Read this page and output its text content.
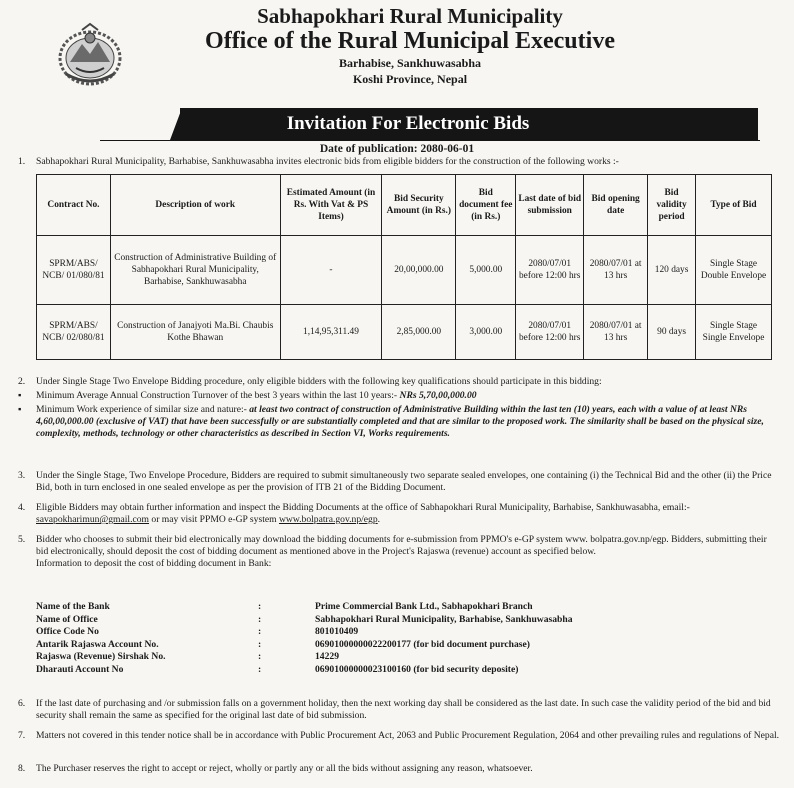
Sabhapokhari Rural Municipality
Office of the Rural Municipal Executive
Barhabise, Sankhuwasabha
Koshi Province, Nepal
Invitation For Electronic Bids
Date of publication: 2080-06-01
1.	Sabhapokhari Rural Municipality, Barhabise, Sankhuwasabha invites electronic bids from eligible bidders for the construction of the following works :-
Contract No.	Description of work	Estimated Amount (in Rs. With Vat & PS Items)	Bid Security Amount (in Rs.)	Bid document fee (in Rs.)	Last date of bid submission	Bid opening date	Bid validity period	Type of Bid
SPRM/ABS/ NCB/ 01/080/81	Construction of Administrative Building of Sabhapokhari Rural Municipality, Barhabise, Sankhuwasabha	-	20,00,000.00	5,000.00	2080/07/01 before 12:00 hrs	2080/07/01 at 13 hrs	120 days	Single Stage Double Envelope
SPRM/ABS/ NCB/ 02/080/81	Construction of Janajyoti Ma.Bi. Chaubis Kothe Bhawan	1,14,95,311.49	2,85,000.00	3,000.00	2080/07/01 before 12:00 hrs	2080/07/01 at 13 hrs	90 days	Single Stage Single Envelope
2.	Under Single Stage Two Envelope Bidding procedure, only eligible bidders with the following key qualifications should participate in this bidding:
▪ Minimum Average Annual Construction Turnover of the best 3 years within the last 10 years:- NRs 5,70,00,000.00
▪ Minimum Work experience of similar size and nature:- at least two contract of construction of Administrative Building within the last ten (10) years, each with a value of at least NRs 4,60,00,000.00 (exclusive of VAT) that have been successfully or are substantially completed and that are similar to the proposed work. The similarity shall be based on the physical size, complexity, methods, technology or other characteristics as described in Section VI, Works requirements.
3.	Under the Single Stage, Two Envelope Procedure, Bidders are required to submit simultaneously two separate sealed envelopes, one containing (i) the Technical Bid and the other (ii) the Price Bid, both in turn enclosed in one sealed envelope as per the provision of ITB 21 of the Bidding Document.
4.	Eligible Bidders may obtain further information and inspect the Bidding Documents at the office of Sabhapokhari Rural Municipality, Barhabise, Sankhuwasabha, email:- savapokharimun@gmail.com or may visit PPMO e-GP system www.bolpatra.gov.np/egp.
5.	Bidder who chooses to submit their bid electronically may download the bidding documents for e-submission from PPMO's e-GP system www. bolpatra.gov.np/egp. Bidders, submitting their bid electronically, should deposit the cost of bidding document as mentioned above in the Project's Rajaswa (revenue) account as specified below.
Information to deposit the cost of bidding document in Bank:
Name of the Bank	:	Prime Commercial Bank Ltd., Sabhapokhari Branch
Name of Office	:	Sabhapokhari Rural Municipality, Barhabise, Sankhuwasabha
Office Code No	:	801010409
Antarik Rajaswa Account No.	:	06901000000022200177 (for bid document purchase)
Rajaswa (Revenue) Sirshak No.	:	14229
Dharauti Account No	:	06901000000023100160 (for bid security deposite)
6.	If the last date of purchasing and /or submission falls on a government holiday, then the next working day shall be considered as the last date. In such case the validity period of the bid and bid security shall remain the same as specified for the original last date of bid submission.
7.	Matters not covered in this tender notice shall be in accordance with Public Procurement Act, 2063 and Public Procurement Regulation, 2064 and other prevailing rules and regulations of Nepal.
8.	The Purchaser reserves the right to accept or reject, wholly or partly any or all the bids without assigning any reason, whatsoever.
